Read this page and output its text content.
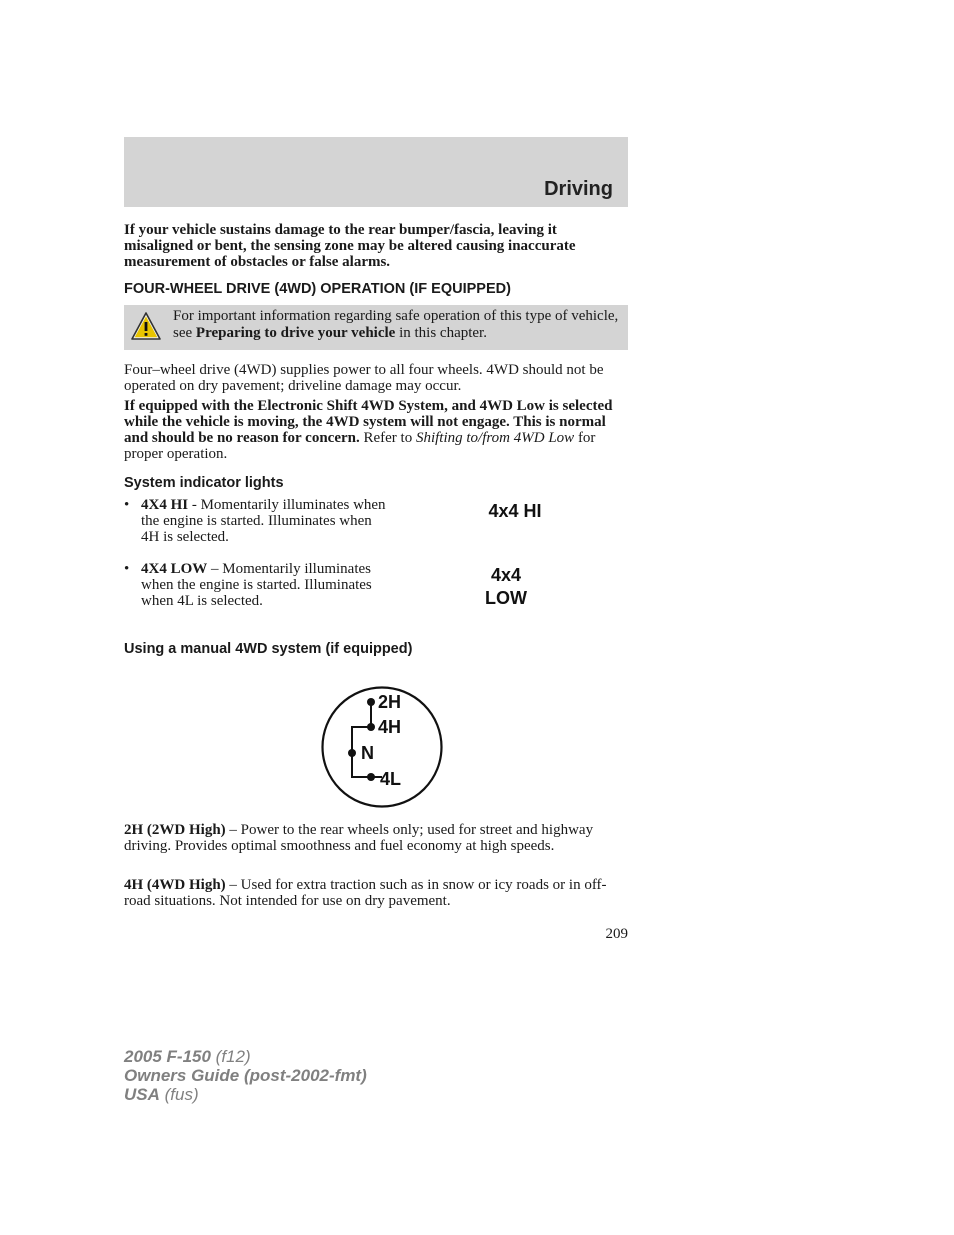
Driving
If your vehicle sustains damage to the rear bumper/fascia, leaving it misaligned or bent, the sensing zone may be altered causing inaccurate measurement of obstacles or false alarms.
FOUR-WHEEL DRIVE (4WD) OPERATION (IF EQUIPPED)
For important information regarding safe operation of this type of vehicle, see Preparing to drive your vehicle in this chapter.
Four–wheel drive (4WD) supplies power to all four wheels. 4WD should not be operated on dry pavement; driveline damage may occur.
If equipped with the Electronic Shift 4WD System, and 4WD Low is selected while the vehicle is moving, the 4WD system will not engage. This is normal and should be no reason for concern. Refer to Shifting to/from 4WD Low for proper operation.
System indicator lights
• 4X4 HI - Momentarily illuminates when the engine is started. Illuminates when 4H is selected.
• 4X4 LOW – Momentarily illuminates when the engine is started. Illuminates when 4L is selected.
4x4 HI
4x4
LOW
Using a manual 4WD system (if equipped)
2H
4H
N
4L
2H (2WD High) – Power to the rear wheels only; used for street and highway driving. Provides optimal smoothness and fuel economy at high speeds.
4H (4WD High) – Used for extra traction such as in snow or icy roads or in off-road situations. Not intended for use on dry pavement.
209
2005 F-150 (f12)
Owners Guide (post-2002-fmt)
USA (fus)
